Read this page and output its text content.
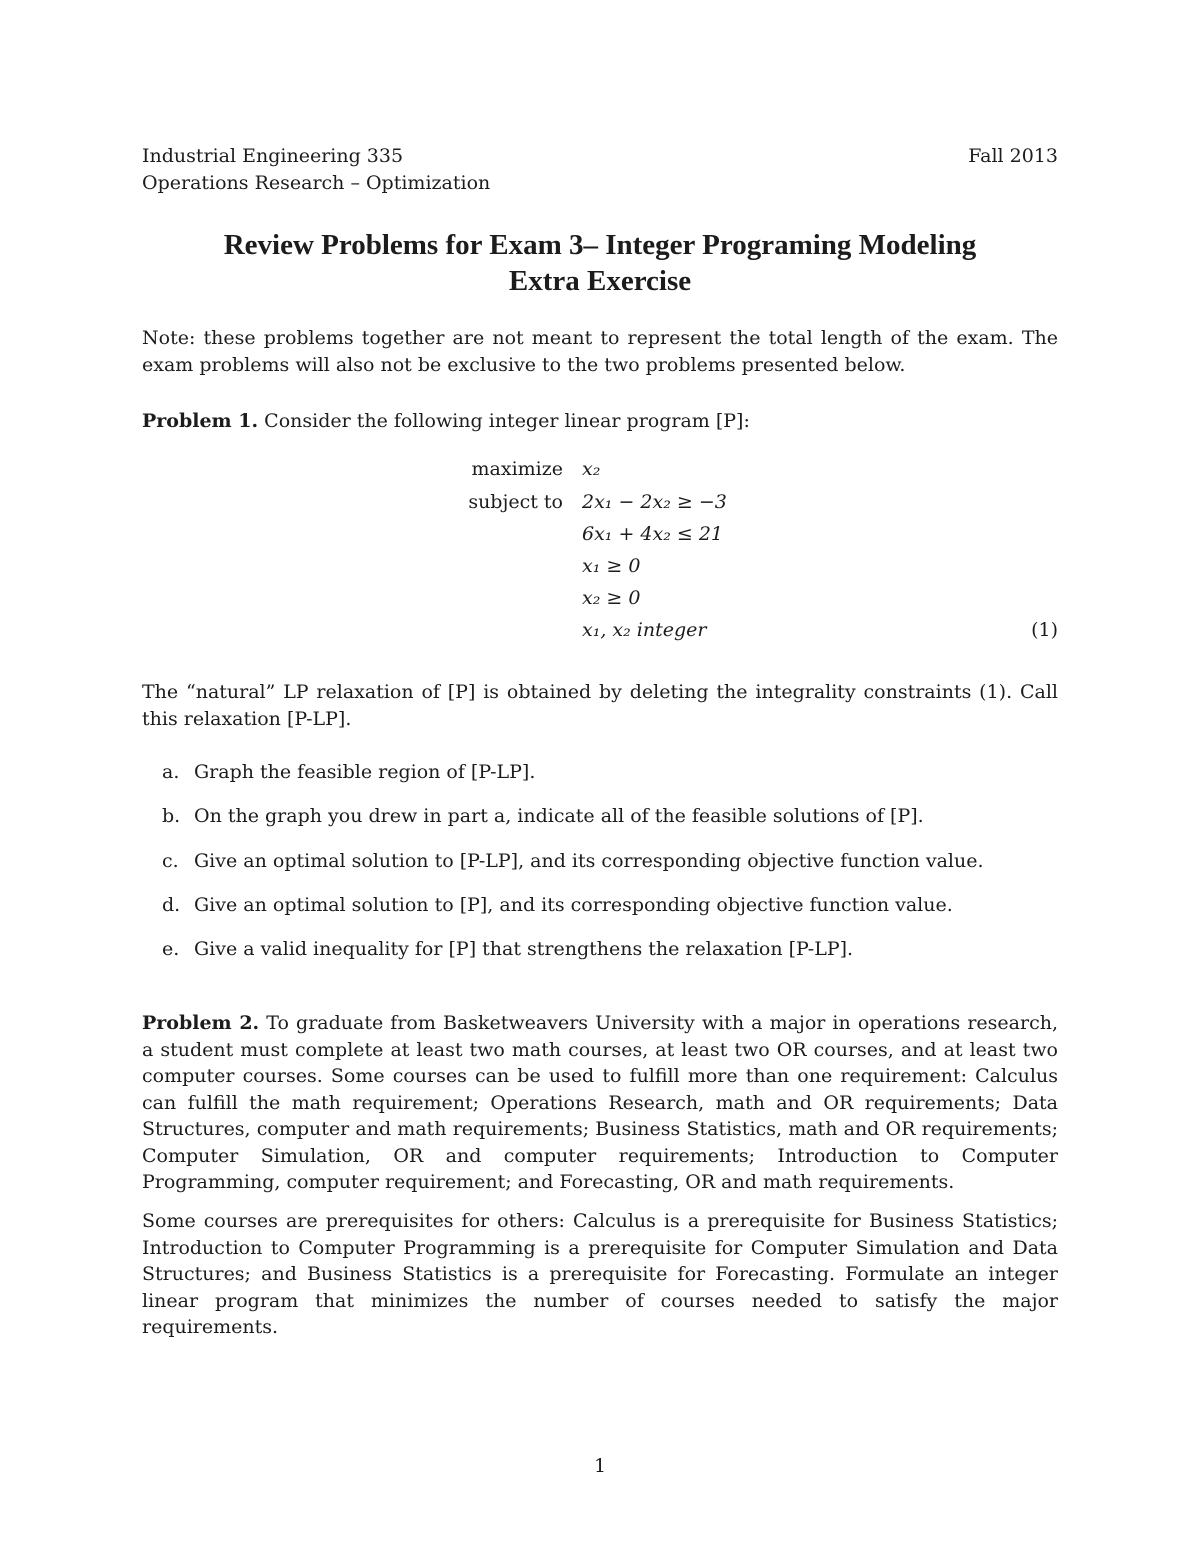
Industrial Engineering 335
Operations Research – Optimization
Fall 2013
Review Problems for Exam 3– Integer Programing Modeling
Extra Exercise
Note: these problems together are not meant to represent the total length of the exam. The exam problems will also not be exclusive to the two problems presented below.
Problem 1. Consider the following integer linear program [P]:
maximize
subject to
x₂
2x₁ − 2x₂ ≥ −3
6x₁ + 4x₂ ≤ 21
x₁ ≥ 0
x₂ ≥ 0
x₁, x₂ integer	(1)
The “natural” LP relaxation of [P] is obtained by deleting the integrality constraints (1). Call this relaxation [P-LP].
a. Graph the feasible region of [P-LP].
b. On the graph you drew in part a, indicate all of the feasible solutions of [P].
c. Give an optimal solution to [P-LP], and its corresponding objective function value.
d. Give an optimal solution to [P], and its corresponding objective function value.
e. Give a valid inequality for [P] that strengthens the relaxation [P-LP].
Problem 2. To graduate from Basketweavers University with a major in operations research, a student must complete at least two math courses, at least two OR courses, and at least two computer courses. Some courses can be used to fulfill more than one requirement: Calculus can fulfill the math requirement; Operations Research, math and OR requirements; Data Structures, computer and math requirements; Business Statistics, math and OR requirements; Computer Simulation, OR and computer requirements; Introduction to Computer Programming, computer requirement; and Forecasting, OR and math requirements.
Some courses are prerequisites for others: Calculus is a prerequisite for Business Statistics; Introduction to Computer Programming is a prerequisite for Computer Simulation and Data Structures; and Business Statistics is a prerequisite for Forecasting. Formulate an integer linear program that minimizes the number of courses needed to satisfy the major requirements.
1
